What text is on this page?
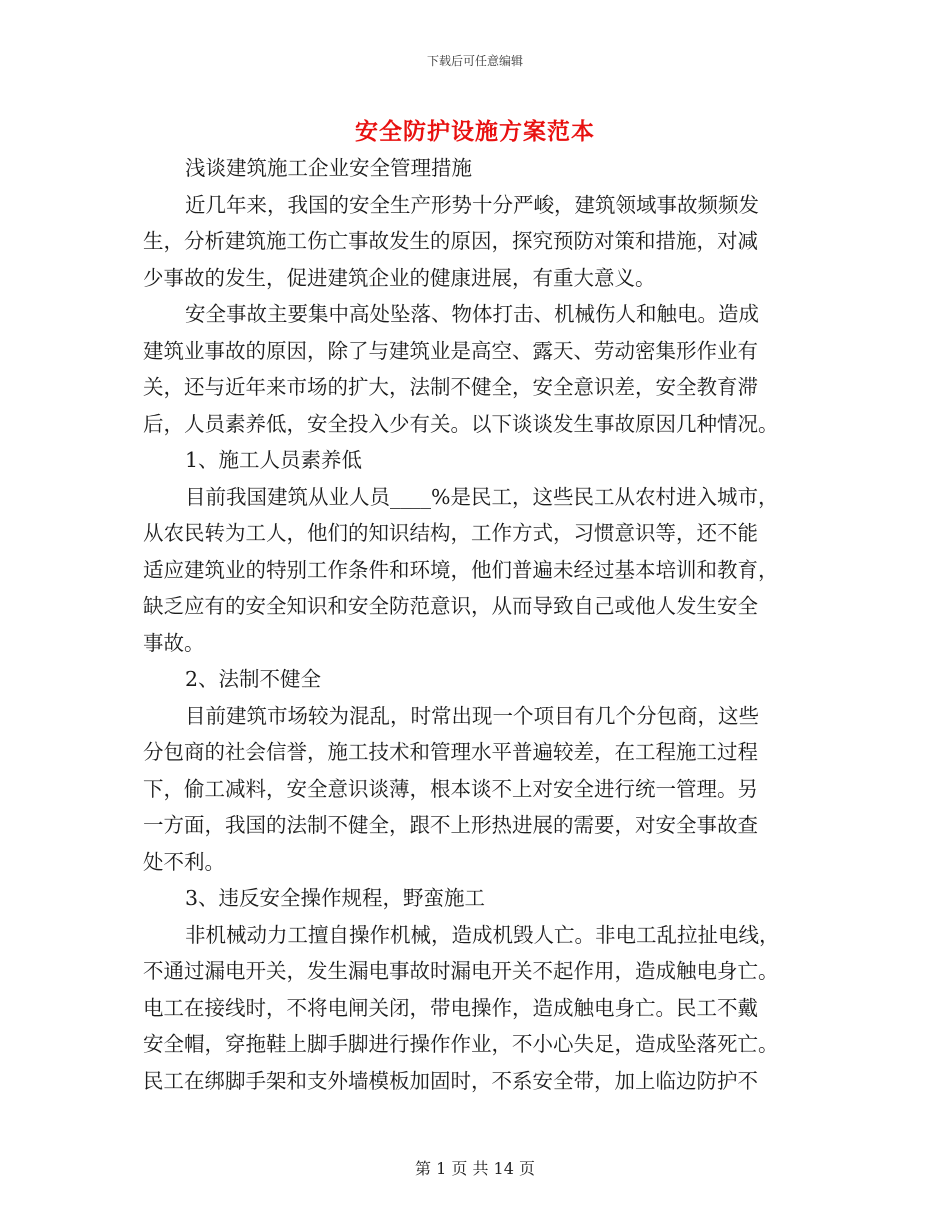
下载后可任意编辑
安全防护设施方案范本
浅谈建筑施工企业安全管理措施
近几年来，我国的安全生产形势十分严峻，建筑领域事故频频发
生，分析建筑施工伤亡事故发生的原因，探究预防对策和措施，对减
少事故的发生，促进建筑企业的健康进展，有重大意义。
安全事故主要集中高处坠落、物体打击、机械伤人和触电。造成
建筑业事故的原因，除了与建筑业是高空、露天、劳动密集形作业有
关，还与近年来市场的扩大，法制不健全，安全意识差，安全教育滞
后，人员素养低，安全投入少有关。以下谈谈发生事故原因几种情况。
1、施工人员素养低
目前我国建筑从业人员____%是民工，这些民工从农村进入城市，
从农民转为工人，他们的知识结构，工作方式，习惯意识等，还不能
适应建筑业的特别工作条件和环境，他们普遍未经过基本培训和教育，
缺乏应有的安全知识和安全防范意识，从而导致自己或他人发生安全
事故。
2、法制不健全
目前建筑市场较为混乱，时常出现一个项目有几个分包商，这些
分包商的社会信誉，施工技术和管理水平普遍较差，在工程施工过程
下，偷工减料，安全意识谈薄，根本谈不上对安全进行统一管理。另
一方面，我国的法制不健全，跟不上形热进展的需要，对安全事故查
处不利。
3、违反安全操作规程，野蛮施工
非机械动力工擅自操作机械，造成机毁人亡。非电工乱拉扯电线，
不通过漏电开关，发生漏电事故时漏电开关不起作用，造成触电身亡。
电工在接线时，不将电闸关闭，带电操作，造成触电身亡。民工不戴
安全帽，穿拖鞋上脚手脚进行操作作业，不小心失足，造成坠落死亡。
民工在绑脚手架和支外墙模板加固时，不系安全带，加上临边防护不
第 1 页 共 14 页
